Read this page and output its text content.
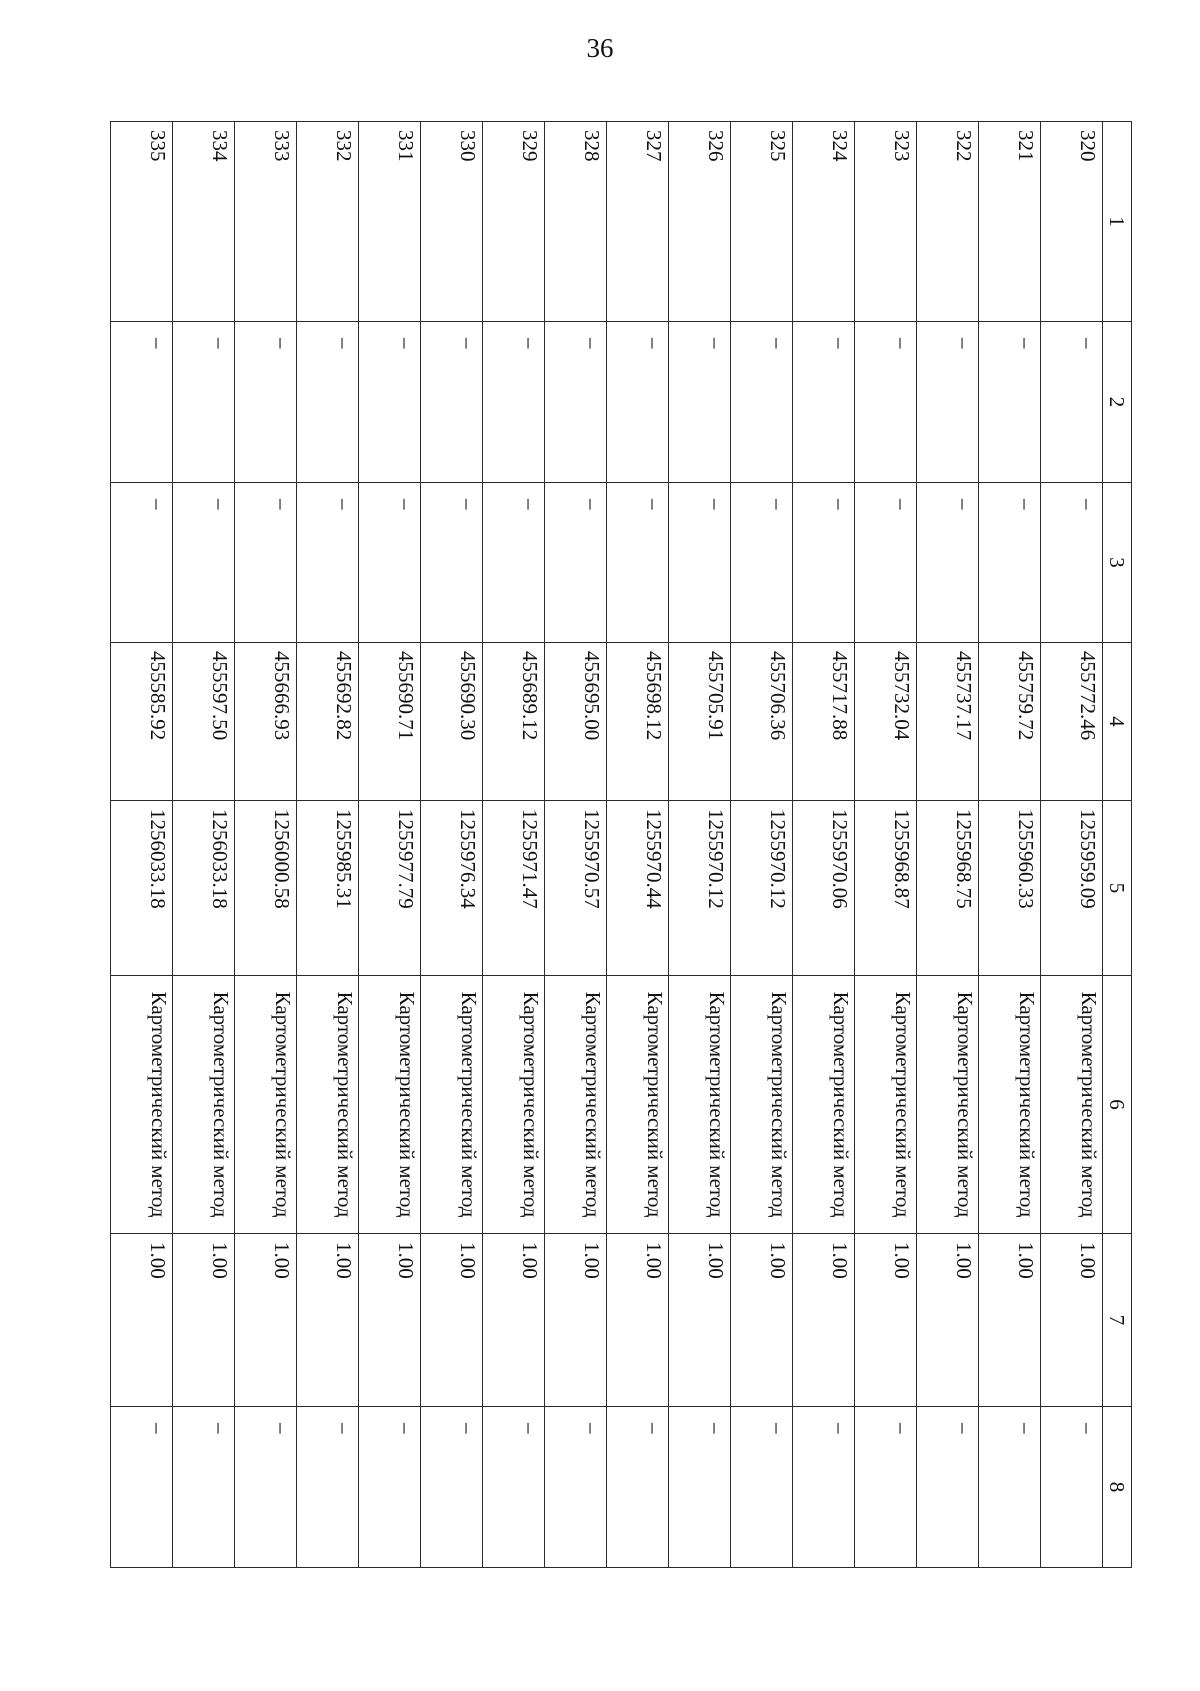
36
1	2	3	4	5	6	7	8
320	–	–	455772.46	1255959.09	Картометрический метод	1.00	–
321	–	–	455759.72	1255960.33	Картометрический метод	1.00	–
322	–	–	455737.17	1255968.75	Картометрический метод	1.00	–
323	–	–	455732.04	1255968.87	Картометрический метод	1.00	–
324	–	–	455717.88	1255970.06	Картометрический метод	1.00	–
325	–	–	455706.36	1255970.12	Картометрический метод	1.00	–
326	–	–	455705.91	1255970.12	Картометрический метод	1.00	–
327	–	–	455698.12	1255970.44	Картометрический метод	1.00	–
328	–	–	455695.00	1255970.57	Картометрический метод	1.00	–
329	–	–	455689.12	1255971.47	Картометрический метод	1.00	–
330	–	–	455690.30	1255976.34	Картометрический метод	1.00	–
331	–	–	455690.71	1255977.79	Картометрический метод	1.00	–
332	–	–	455692.82	1255985.31	Картометрический метод	1.00	–
333	–	–	455666.93	1256000.58	Картометрический метод	1.00	–
334	–	–	455597.50	1256033.18	Картометрический метод	1.00	–
335	–	–	455585.92	1256033.18	Картометрический метод	1.00	–
